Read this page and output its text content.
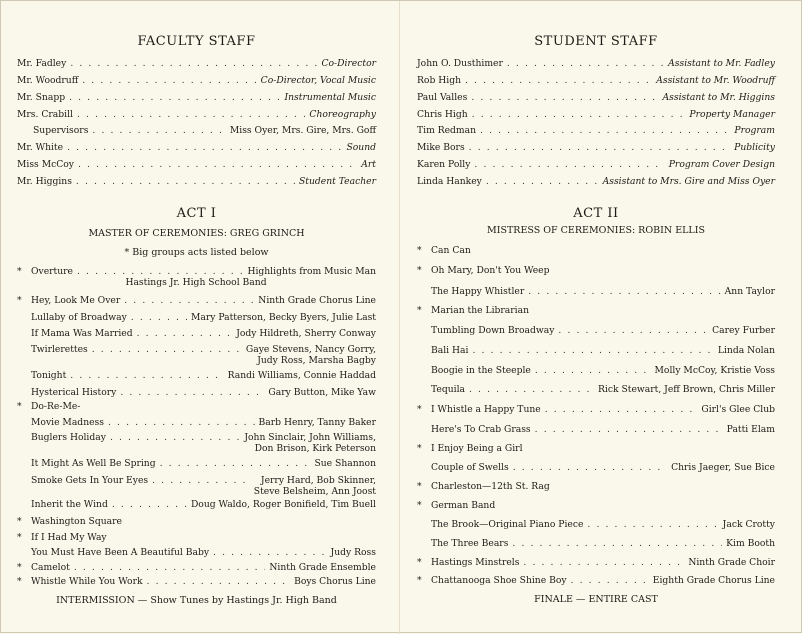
FACULTY STAFF
Mr. Fadley . . .	Co-Director
Mr. Woodruff . . .	Co-Director, Vocal Music
Mr. Snapp . . .	Instrumental Music
Mrs. Crabill . . .	Choreography
Supervisors . . .	Miss Oyer, Mrs. Gire, Mrs. Goff
Mr. White . . .	Sound
Miss McCoy . . .	Art
Mr. Higgins . . .	Student Teacher
ACT I
MASTER OF CEREMONIES: GREG GRINCH
* Big groups acts listed below
* Overture . . .	Highlights from Music Man
Hastings Jr. High School Band
* Hey, Look Me Over . . .	Ninth Grade Chorus Line
Lullaby of Broadway . . .	Mary Patterson, Becky Byers, Julie Last
If Mama Was Married . . .	Jody Hildreth, Sherry Conway
Twirlerettes . . .	Gaye Stevens, Nancy Gorry,
Judy Ross, Marsha Bagby
Tonight . . .	Randi Williams, Connie Haddad
Hysterical History . . .	Gary Button, Mike Yaw
* Do-Re-Me-
Movie Madness . . .	Barb Henry, Tanny Baker
Buglers Holiday . . .	John Sinclair, John Williams,
Don Brison, Kirk Peterson
It Might As Well Be Spring . . .	Sue Shannon
Smoke Gets In Your Eyes . . .	Jerry Hard, Bob Skinner,
Steve Belsheim, Ann Joost
Inherit the Wind . . .	Doug Waldo, Roger Bonifield, Tim Buell
* Washington Square
* If I Had My Way
You Must Have Been A Beautiful Baby . . .	Judy Ross
* Camelot . . .	Ninth Grade Ensemble
* Whistle While You Work . . .	Boys Chorus Line
INTERMISSION — Show Tunes by Hastings Jr. High Band
STUDENT STAFF
John O. Dusthimer . . .	Assistant to Mr. Fadley
Rob High . . .	Assistant to Mr. Woodruff
Paul Valles . . .	Assistant to Mr. Higgins
Chris High . . .	Property Manager
Tim Redman . . .	Program
Mike Bors . . .	Publicity
Karen Polly . . .	Program Cover Design
Linda Hankey . . .	Assistant to Mrs. Gire and Miss Oyer
ACT II
MISTRESS OF CEREMONIES: ROBIN ELLIS
* Can Can
* Oh Mary, Don't You Weep
The Happy Whistler . . .	Ann Taylor
* Marian the Librarian
Tumbling Down Broadway . . .	Carey Furber
Bali Hai . . .	Linda Nolan
Boogie in the Steeple . . .	Molly McCoy, Kristie Voss
Tequila . . .	Rick Stewart, Jeff Brown, Chris Miller
* I Whistle a Happy Tune . . .	Girl's Glee Club
Here's To Crab Grass . . .	Patti Elam
* I Enjoy Being a Girl
Couple of Swells . . .	Chris Jaeger, Sue Bice
* Charleston—12th St. Rag
* German Band
The Brook—Original Piano Piece . . .	Jack Crotty
The Three Bears . . .	Kim Booth
* Hastings Minstrels . . .	Ninth Grade Choir
* Chattanooga Shoe Shine Boy . . .	Eighth Grade Chorus Line
FINALE — ENTIRE CAST
